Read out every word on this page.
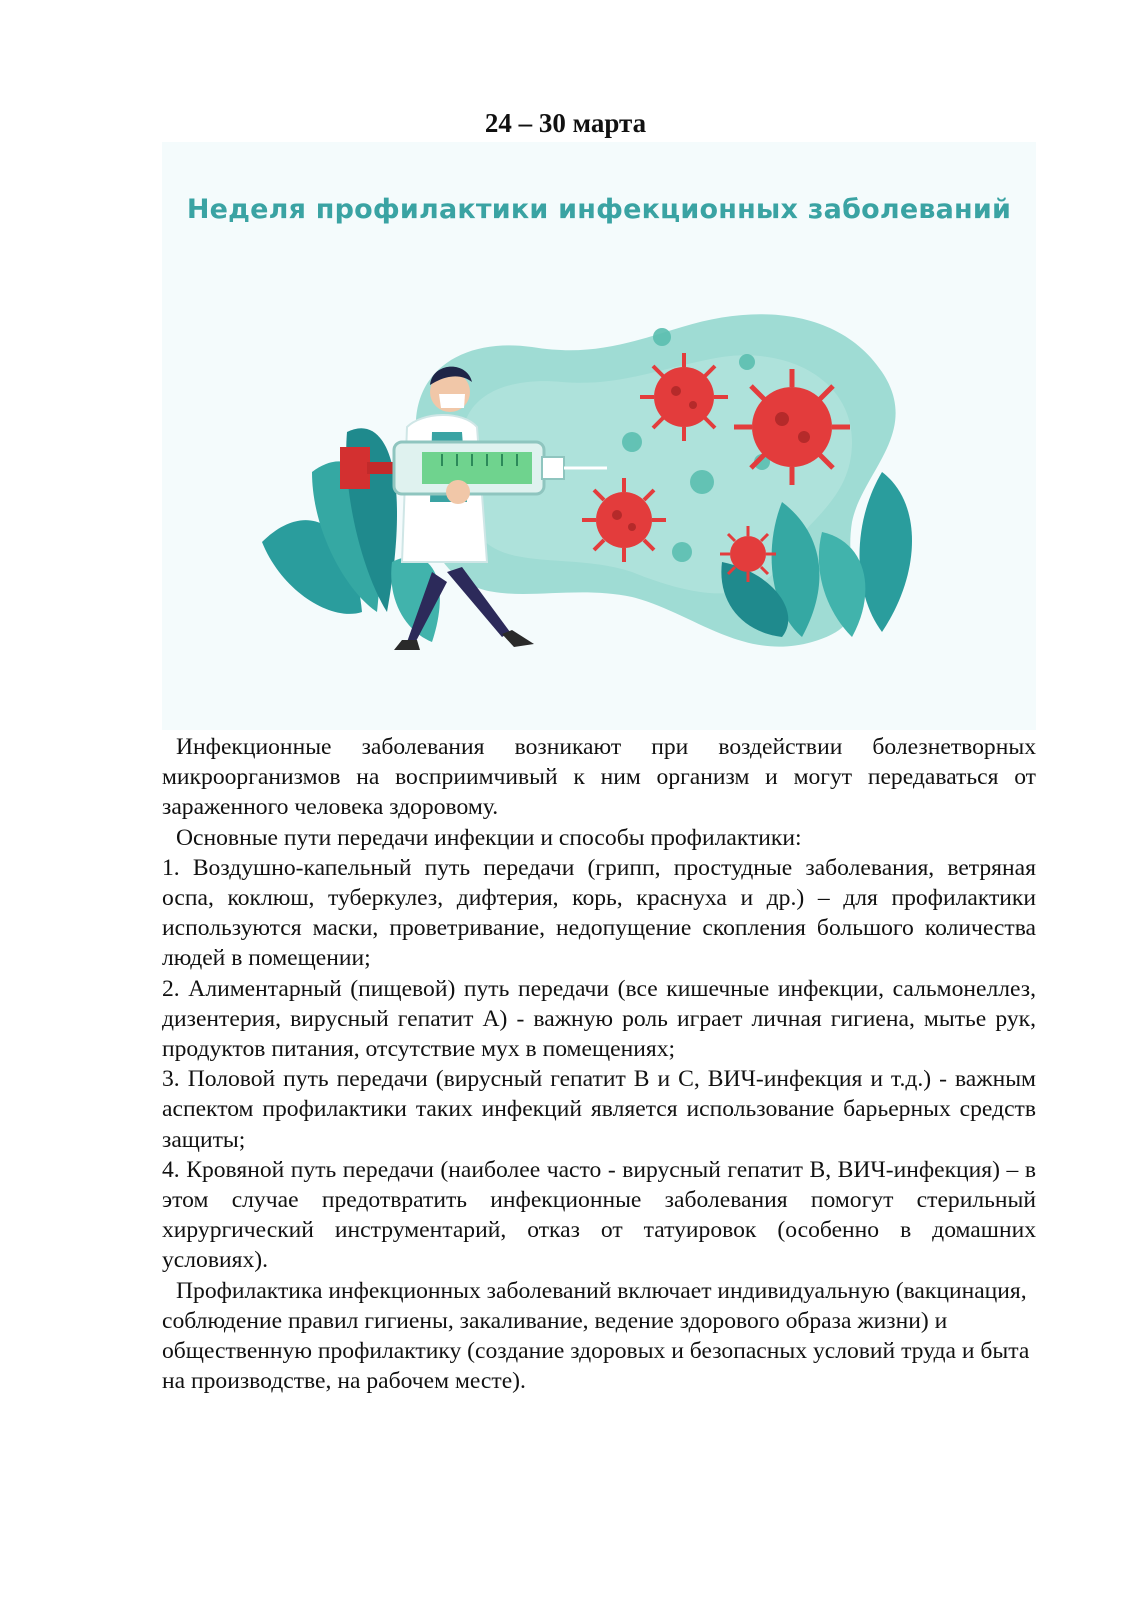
24 – 30 марта
Неделя профилактики инфекционных заболеваний

Инфекционные заболевания возникают при воздействии болезнетворных микроорганизмов на восприимчивый к ним организм и могут передаваться от зараженного человека здоровому.

Основные пути передачи инфекции и способы профилактики:

1. Воздушно-капельный путь передачи (грипп, простудные заболевания, ветряная оспа, коклюш, туберкулез, дифтерия, корь, краснуха и др.) – для профилактики используются маски, проветривание, недопущение скопления большого количества людей в помещении;

2. Алиментарный (пищевой) путь передачи (все кишечные инфекции, сальмонеллез, дизентерия, вирусный гепатит А) - важную роль играет личная гигиена, мытье рук, продуктов питания, отсутствие мух в помещениях;

3. Половой путь передачи (вирусный гепатит В и С, ВИЧ-инфекция и т.д.) - важным аспектом профилактики таких инфекций является использование барьерных средств защиты;

4. Кровяной путь передачи (наиболее часто - вирусный гепатит В, ВИЧ-инфекция) – в этом случае предотвратить инфекционные заболевания помогут стерильный хирургический инструментарий, отказ от татуировок (особенно в домашних условиях).

Профилактика инфекционных заболеваний включает индивидуальную (вакцинация, соблюдение правил гигиены, закаливание, ведение здорового образа жизни) и общественную профилактику (создание здоровых и безопасных условий труда и быта на производстве, на рабочем месте).
